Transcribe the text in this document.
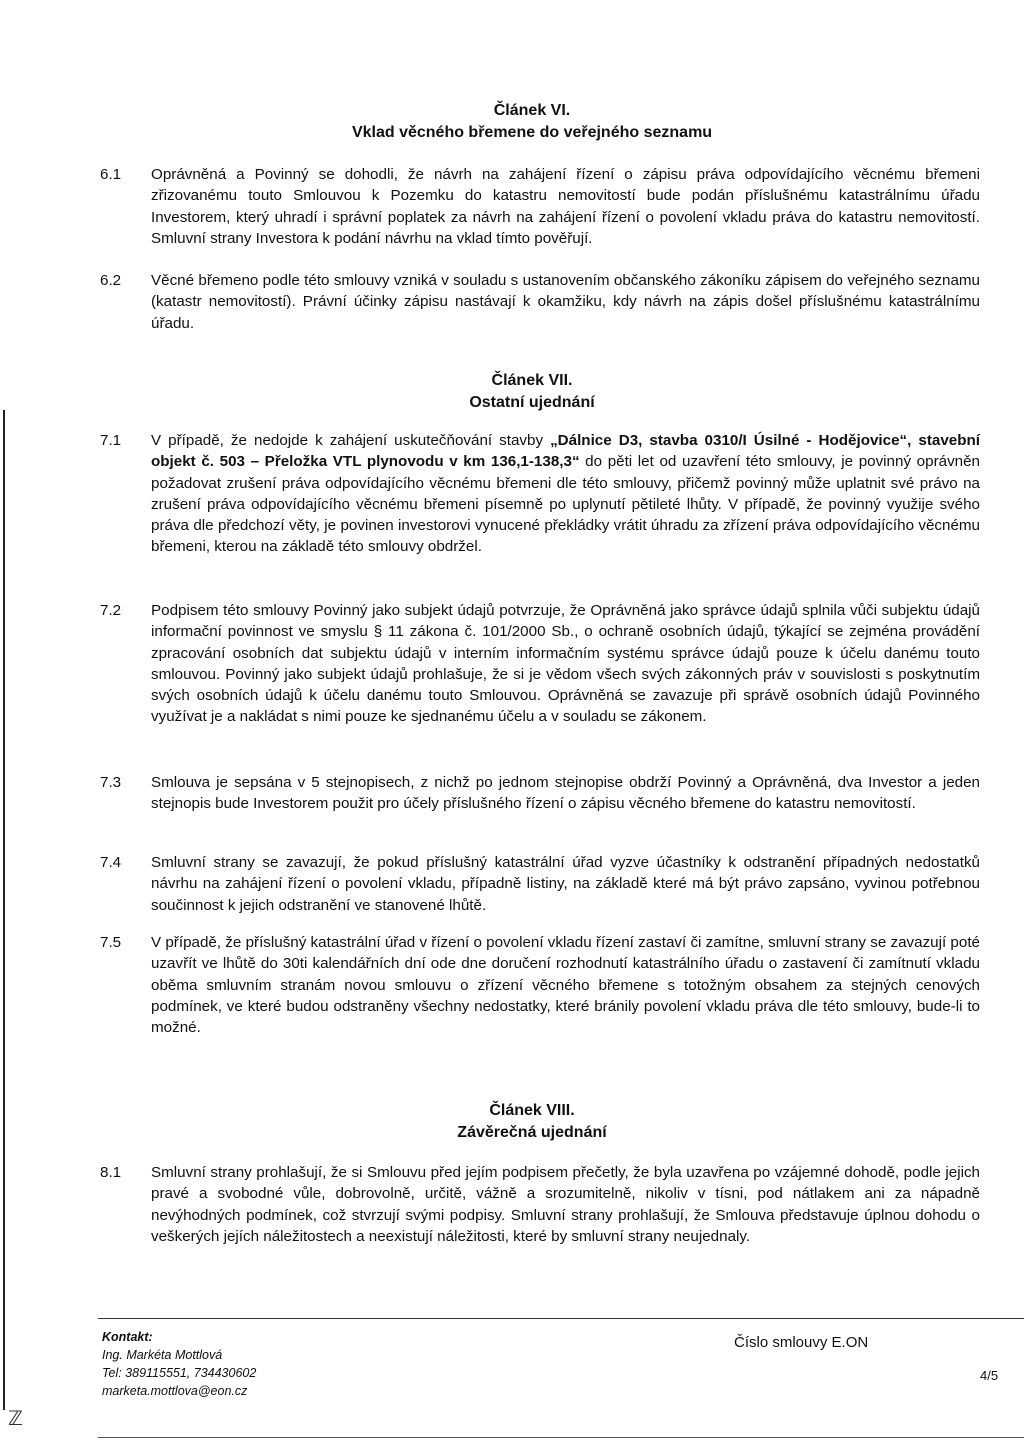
Článek VI.
Vklad věcného břemene do veřejného seznamu
6.1	Oprávněná a Povinný se dohodli, že návrh na zahájení řízení o zápisu práva odpovídajícího věcnému břemeni zřizovanému touto Smlouvou k Pozemku do katastru nemovitostí bude podán příslušnému katastrálnímu úřadu Investorem, který uhradí i správní poplatek za návrh na zahájení řízení o povolení vkladu práva do katastru nemovitostí. Smluvní strany Investora k podání návrhu na vklad tímto pověřují.
6.2	Věcné břemeno podle této smlouvy vzniká v souladu s ustanovením občanského zákoníku zápisem do veřejného seznamu (katastr nemovitostí). Právní účinky zápisu nastávají k okamžiku, kdy návrh na zápis došel příslušnému katastrálnímu úřadu.
Článek VII.
Ostatní ujednání
7.1	V případě, že nedojde k zahájení uskutečňování stavby „Dálnice D3, stavba 0310/I Úsilné - Hodějovice“, stavební objekt č. 503 – Přeložka VTL plynovodu v km 136,1-138,3“ do pěti let od uzavření této smlouvy, je povinný oprávněn požadovat zrušení práva odpovídajícího věcnému břemeni dle této smlouvy, přičemž povinný může uplatnit své právo na zrušení práva odpovídajícího věcnému břemeni písemně po uplynutí pětileté lhůty. V případě, že povinný využije svého práva dle předchozí věty, je povinen investorovi vynucené překládky vrátit úhradu za zřízení práva odpovídajícího věcnému břemeni, kterou na základě této smlouvy obdržel.
7.2	Podpisem této smlouvy Povinný jako subjekt údajů potvrzuje, že Oprávněná jako správce údajů splnila vůči subjektu údajů informační povinnost ve smyslu § 11 zákona č. 101/2000 Sb., o ochraně osobních údajů, týkající se zejména provádění zpracování osobních dat subjektu údajů v interním informačním systému správce údajů pouze k účelu danému touto smlouvou. Povinný jako subjekt údajů prohlašuje, že si je vědom všech svých zákonných práv v souvislosti s poskytnutím svých osobních údajů k účelu danému touto Smlouvou. Oprávněná se zavazuje při správě osobních údajů Povinného využívat je a nakládat s nimi pouze ke sjednanému účelu a v souladu se zákonem.
7.3	Smlouva je sepsána v 5 stejnopisech, z nichž po jednom stejnopise obdrží Povinný a Oprávněná, dva Investor a jeden stejnopis bude Investorem použit pro účely příslušného řízení o zápisu věcného břemene do katastru nemovitostí.
7.4	Smluvní strany se zavazují, že pokud příslušný katastrální úřad vyzve účastníky k odstranění případných nedostatků návrhu na zahájení řízení o povolení vkladu, případně listiny, na základě které má být právo zapsáno, vyvinou potřebnou součinnost k jejich odstranění ve stanovené lhůtě.
7.5	V případě, že příslušný katastrální úřad v řízení o povolení vkladu řízení zastaví či zamítne, smluvní strany se zavazují poté uzavřít ve lhůtě do 30ti kalendářních dní ode dne doručení rozhodnutí katastrálního úřadu o zastavení či zamítnutí vkladu oběma smluvním stranám novou smlouvu o zřízení věcného břemene s totožným obsahem za stejných cenových podmínek, ve které budou odstraněny všechny nedostatky, které bránily povolení vkladu práva dle této smlouvy, bude-li to možné.
Článek VIII.
Závěrečná ujednání
8.1	Smluvní strany prohlašují, že si Smlouvu před jejím podpisem přečetly, že byla uzavřena po vzájemné dohodě, podle jejich pravé a svobodné vůle, dobrovolně, určitě, vážně a srozumitelně, nikoliv v tísni, pod nátlakem ani za nápadně nevýhodných podmínek, což stvrzují svými podpisy. Smluvní strany prohlašují, že Smlouva představuje úplnou dohodu o veškerých jejích náležitostech a neexistují náležitosti, které by smluvní strany neujednaly.
Kontakt:
Ing. Markéta Mottlová
Tel: 389115551, 734430602
marketa.mottlova@eon.cz
Číslo smlouvy E.ON
4/5
ℤ
